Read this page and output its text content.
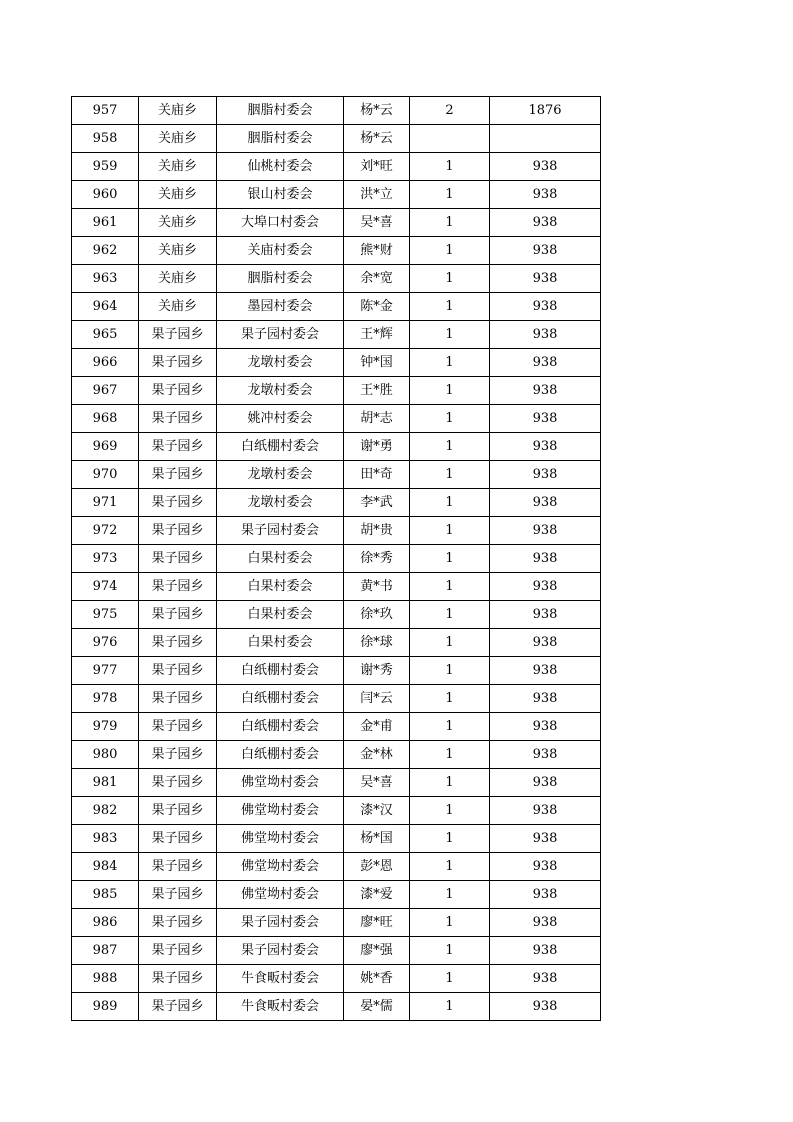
957	关庙乡	胭脂村委会	杨*云	2	1876
958	关庙乡	胭脂村委会	杨*云		
959	关庙乡	仙桃村委会	刘*旺	1	938
960	关庙乡	银山村委会	洪*立	1	938
961	关庙乡	大埠口村委会	吴*喜	1	938
962	关庙乡	关庙村委会	熊*财	1	938
963	关庙乡	胭脂村委会	余*宽	1	938
964	关庙乡	墨园村委会	陈*金	1	938
965	果子园乡	果子园村委会	王*辉	1	938
966	果子园乡	龙墩村委会	钟*国	1	938
967	果子园乡	龙墩村委会	王*胜	1	938
968	果子园乡	姚冲村委会	胡*志	1	938
969	果子园乡	白纸棚村委会	谢*勇	1	938
970	果子园乡	龙墩村委会	田*奇	1	938
971	果子园乡	龙墩村委会	李*武	1	938
972	果子园乡	果子园村委会	胡*贵	1	938
973	果子园乡	白果村委会	徐*秀	1	938
974	果子园乡	白果村委会	黄*书	1	938
975	果子园乡	白果村委会	徐*玖	1	938
976	果子园乡	白果村委会	徐*球	1	938
977	果子园乡	白纸棚村委会	谢*秀	1	938
978	果子园乡	白纸棚村委会	闫*云	1	938
979	果子园乡	白纸棚村委会	金*甫	1	938
980	果子园乡	白纸棚村委会	金*林	1	938
981	果子园乡	佛堂坳村委会	吴*喜	1	938
982	果子园乡	佛堂坳村委会	漆*汉	1	938
983	果子园乡	佛堂坳村委会	杨*国	1	938
984	果子园乡	佛堂坳村委会	彭*恩	1	938
985	果子园乡	佛堂坳村委会	漆*爱	1	938
986	果子园乡	果子园村委会	廖*旺	1	938
987	果子园乡	果子园村委会	廖*强	1	938
988	果子园乡	牛食畈村委会	姚*香	1	938
989	果子园乡	牛食畈村委会	晏*儒	1	938
